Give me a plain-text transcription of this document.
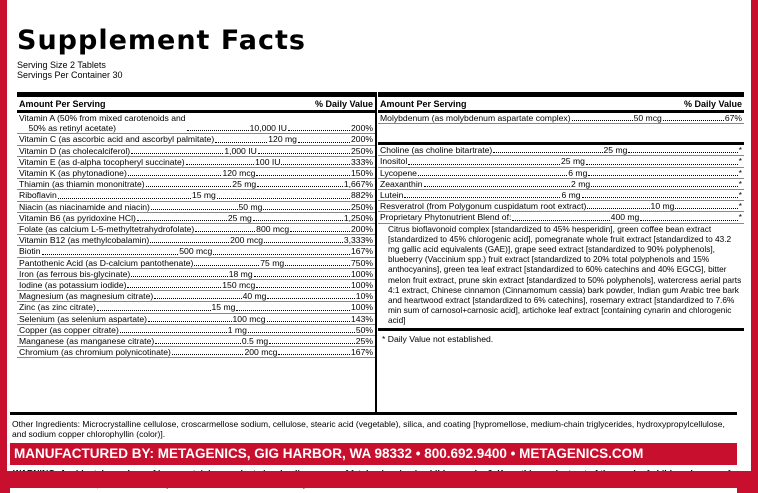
Supplement Facts
Serving Size 2 Tablets
Servings Per Container 30
Amount Per Serving	% Daily Value
Vitamin A (50% from mixed carotenoids and
50% as retinyl acetate)	10,000 IU	200%
Vitamin C (as ascorbic acid and ascorbyl palmitate)	120 mg	200%
Vitamin D (as cholecalciferol)	1,000 IU	250%
Vitamin E (as d-alpha tocopheryl succinate)	100 IU	333%
Vitamin K (as phytonadione)	120 mcg	150%
Thiamin (as thiamin mononitrate)	25 mg	1,667%
Riboflavin	15 mg	882%
Niacin (as niacinamide and niacin)	50 mg	250%
Vitamin B6 (as pyridoxine HCl)	25 mg	1,250%
Folate (as calcium L-5-methyltetrahydrofolate)	800 mcg	200%
Vitamin B12 (as methylcobalamin)	200 mcg	3,333%
Biotin	500 mcg	167%
Pantothenic Acid (as D-calcium pantothenate)	75 mg	750%
Iron (as ferrous bis-glycinate)	18 mg	100%
Iodine (as potassium iodide)	150 mcg	100%
Magnesium (as magnesium citrate)	40 mg	10%
Zinc (as zinc citrate)	15 mg	100%
Selenium (as selenium aspartate)	100 mcg	143%
Copper (as copper citrate)	1 mg	50%
Manganese (as manganese citrate)	0.5 mg	25%
Chromium (as chromium polynicotinate)	200 mcg	167%
Amount Per Serving	% Daily Value
Molybdenum (as molybdenum aspartate complex)	50 mcg	67%
Choline (as choline bitartrate)	25 mg	*
Inositol	25 mg	*
Lycopene	6 mg	*
Zeaxanthin	2 mg	*
Lutein	6 mg	*
Resveratrol (from Polygonum cuspidatum root extract)	10 mg	*
Proprietary Phytonutrient Blend of:	400 mg	*
Citrus bioflavonoid complex [standardized to 45% hesperidin], green coffee bean extract [standardized to 45% chlorogenic acid], pomegranate whole fruit extract [standardized to 43.2 mg gallic acid equivalents (GAE)], grape seed extract [standardized to 90% polyphenols], blueberry (Vaccinium spp.) fruit extract [standardized to 20% total polyphenols and 15% anthocyanins], green tea leaf extract [standardized to 60% catechins and 40% EGCG], bitter melon fruit extract, prune skin extract [standardized to 50% polyphenols], watercress aerial parts 4:1 extract, Chinese cinnamon (Cinnamomum cassia) bark powder, Indian gum Arabic tree bark and heartwood extract [standardized to 6% catechins], rosemary extract [standardized to 7.6% min sum of carnosol+carnosic acid], artichoke leaf extract [containing cynarin and chlorogenic acid]
* Daily Value not established.
Other Ingredients: Microcrystalline cellulose, croscarmellose sodium, cellulose, stearic acid (vegetable), silica, and coating [hypromellose, medium-chain triglycerides, hydroxypropylcellulose, and sodium copper chlorophyllin (color)].
MANUFACTURED BY: METAGENICS, GIG HARBOR, WA 98332 • 800.692.9400 • METAGENICS.COM
